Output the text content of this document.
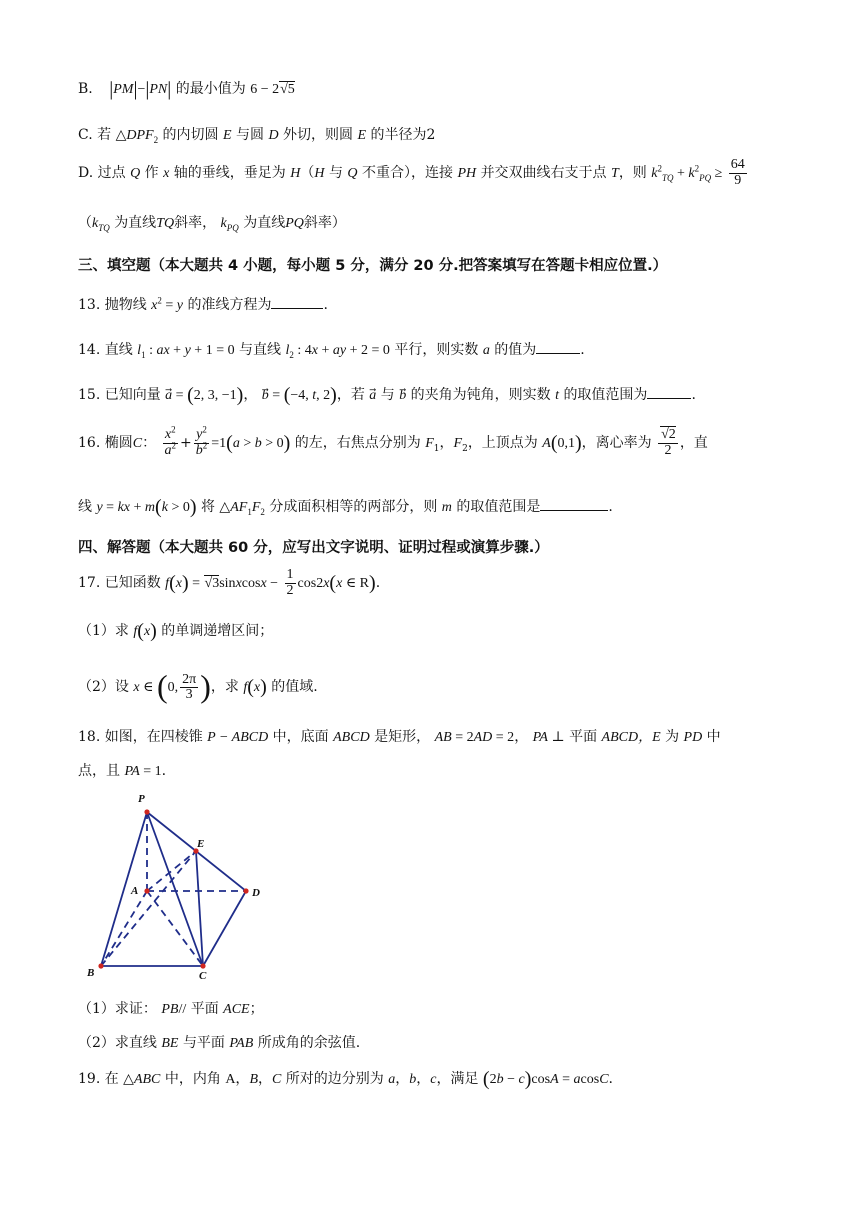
B. |PM|−|PN| 的最小值为 6 − 2√5
C. 若 $\triangle DPF_2$ 的内切圆 E 与圆 D 外切，则圆 E 的半径为2
D. 过点 Q 作 x 轴的垂线，垂足为 H（H 与 Q 不重合），连接 PH 并交双曲线右支于点 T，则 $k^2_{TQ} + k^2_{PQ} \ge \frac{64}{9}$
（$k_{TQ}$ 为直线TQ斜率， $k_{PQ}$ 为直线PQ斜率）
三、填空题（本大题共 4 小题，每小题 5 分，满分 20 分.把答案填写在答题卡相应位置.）
13. 抛物线 $x^2 = y$ 的准线方程为	.
14. 直线 $l_1$ : ax + y + 1 = 0 与直线 $l_2$ : 4x + ay + 2 = 0 平行，则实数 a 的值为	.
15. 已知向量 a⃗ = (2, 3, −1)， b⃗ = (−4, t, 2)，若 a⃗ 与 b⃗ 的夹角为钝角，则实数 t 的取值范围为	.
16. 椭圆C： $\frac{x^2}{a^2} + \frac{y^2}{b^2} =1(a > b > 0)$ 的左，右焦点分别为 $F_1$，$F_2$，上顶点为 A(0,1)，离心率为 $\frac{√2}{2}$ ，直
线 y = kx + m(k > 0) 将 $\triangle AF_1F_2$ 分成面积相等的两部分，则 m 的取值范围是	.
四、解答题（本大题共 60 分，应写出文字说明、证明过程或演算步骤.）
17. 已知函数 f(x) = √3sinxcosx − $\frac{1}{2} \cos 2x(x$ ∈ R).
（1）求 f(x) 的单调递增区间；
（2）设 x ∈ (0, $\frac{2\pi}{3}$ )，求 f(x) 的值域.
18. 如图，在四棱锥 P − ABCD 中，底面 ABCD 是矩形， AB = 2AD = 2， PA ⊥ 平面 ABCD，E 为 PD 中
点，且 PA = 1.
P
E
A	D
B	C
（1）求证： PB// 平面 ACE；
（2）求直线 BE 与平面 PAB 所成角的余弦值.
19. 在 △ABC 中，内角 A，B，C 所对的边分别为 a，b，c，满足 (2b − c)cosA = acosC.
